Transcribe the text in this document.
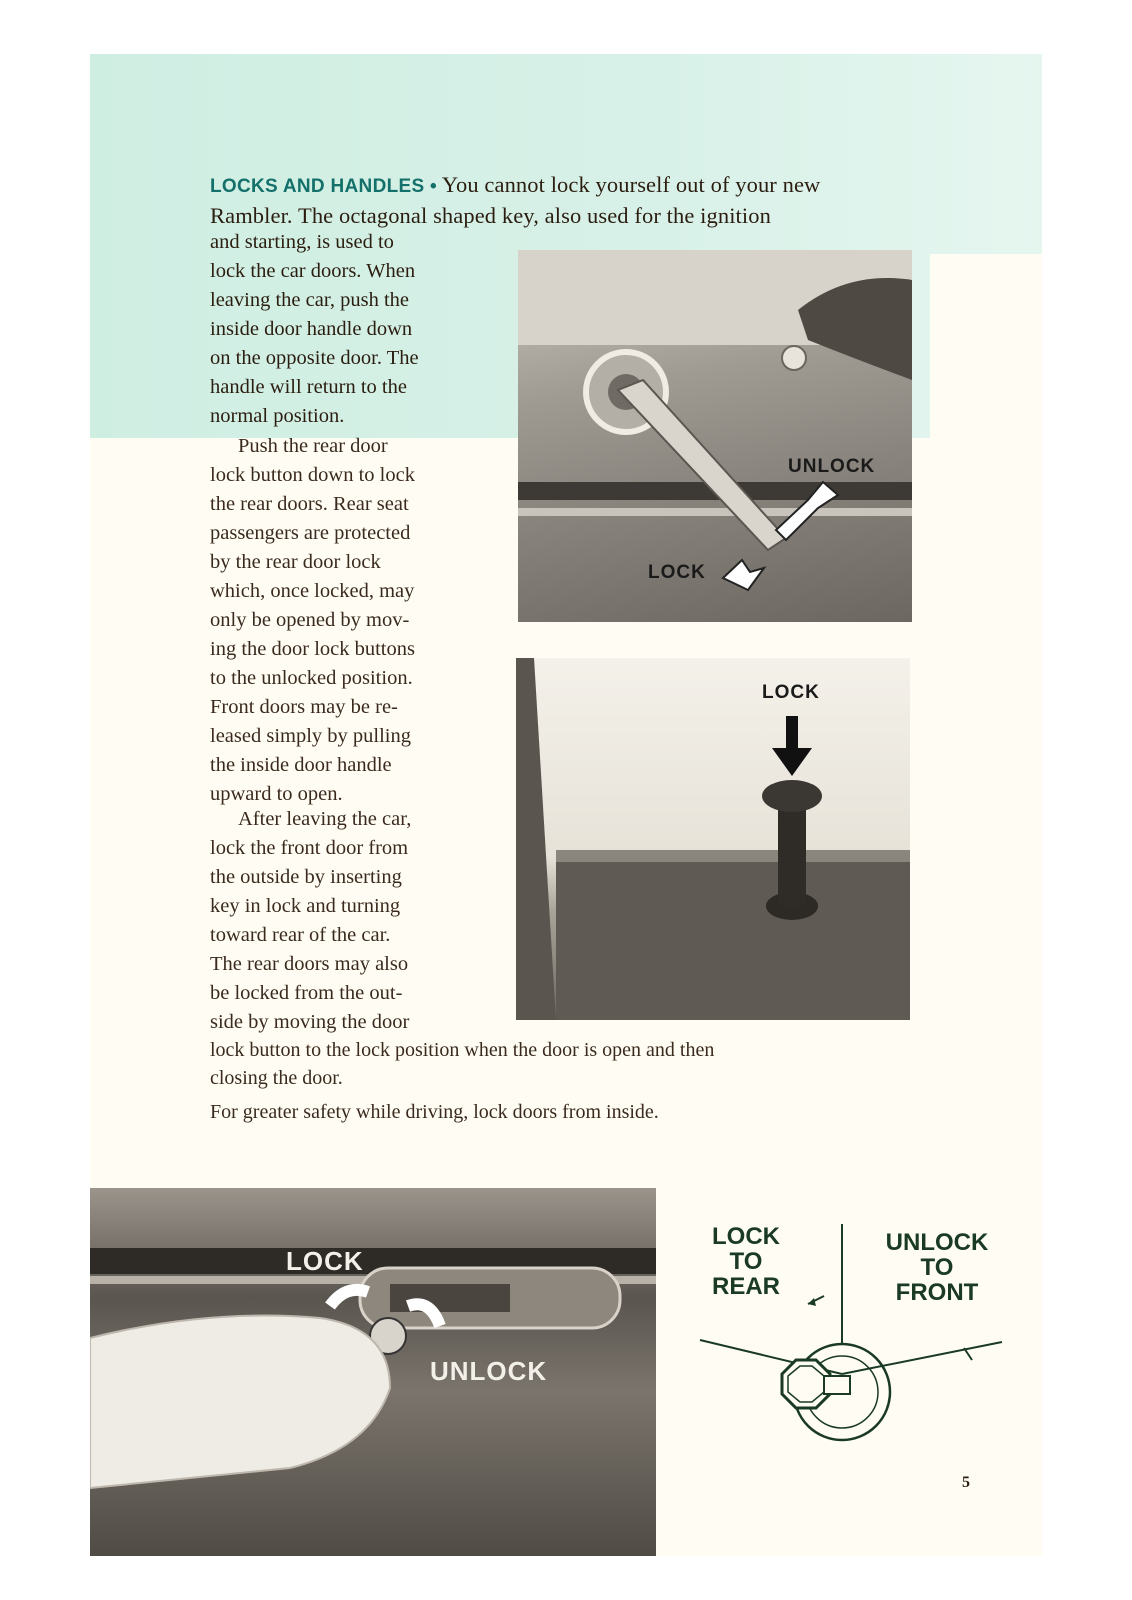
LOCKS AND HANDLES • You cannot lock yourself out of your new
Rambler. The octagonal shaped key, also used for the ignition
and starting, is used to
lock the car doors. When
leaving the car, push the
inside door handle down
on the opposite door. The
handle will return to the
normal position.
Push the rear door
lock button down to lock
the rear doors. Rear seat
passengers are protected
by the rear door lock
which, once locked, may
only be opened by mov-
ing the door lock buttons
to the unlocked position.
Front doors may be re-
leased simply by pulling
the inside door handle
upward to open.
After leaving the car,
lock the front door from
the outside by inserting
key in lock and turning
toward rear of the car.
The rear doors may also
be locked from the out-
side by moving the door
lock button to the lock position when the door is open and then
closing the door.
For greater safety while driving, lock doors from inside.
UNLOCK
LOCK
LOCK
LOCK
UNLOCK
LOCK
TO
REAR
UNLOCK
TO
FRONT
5
